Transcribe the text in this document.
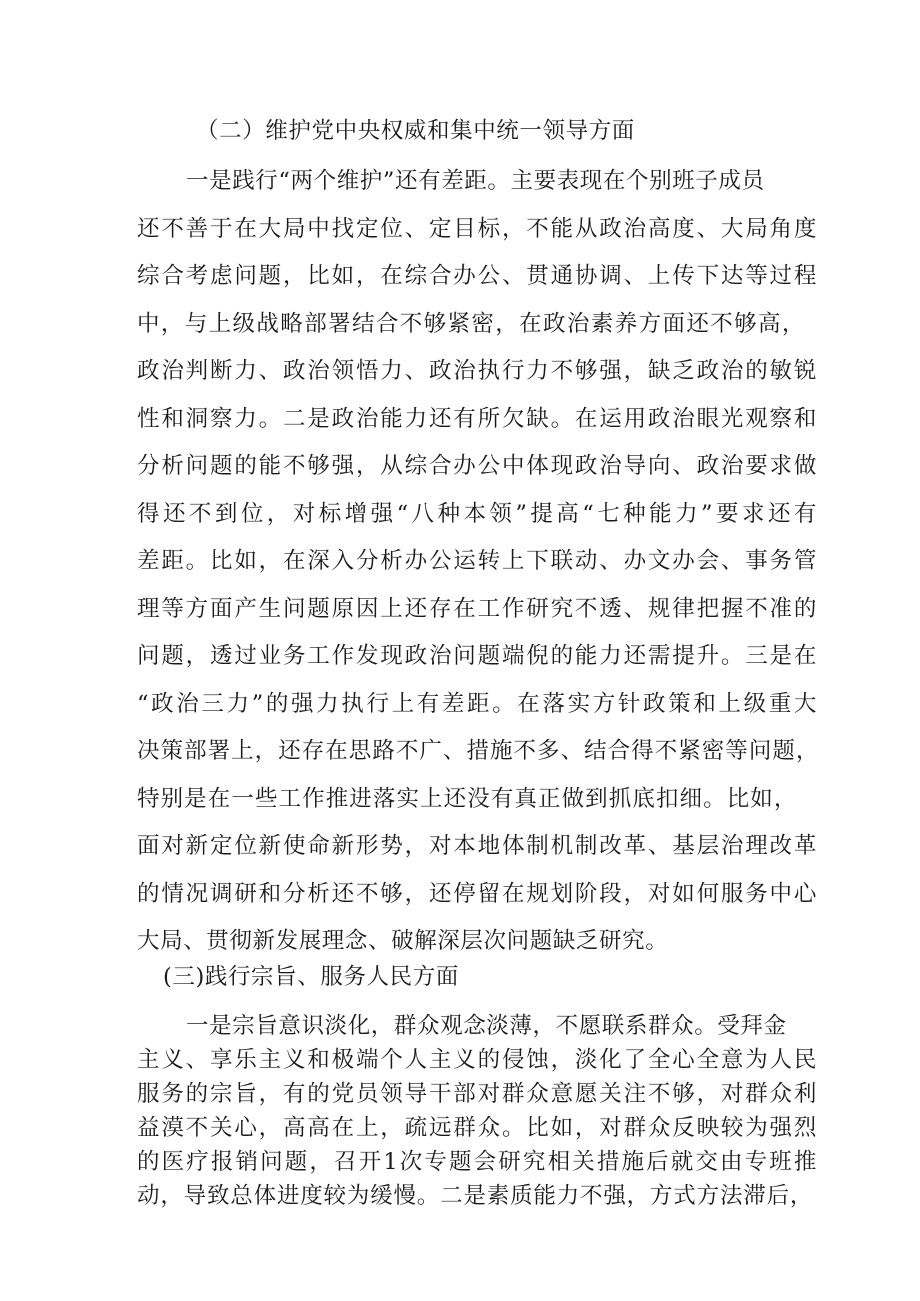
（二）维护党中央权威和集中统一领导方面
一是践行“两个维护”还有差距。主要表现在个别班子成员
还不善于在大局中找定位、定目标，不能从政治高度、大局角度
综合考虑问题，比如，在综合办公、贯通协调、上传下达等过程
中，与上级战略部署结合不够紧密，在政治素养方面还不够高，
政治判断力、政治领悟力、政治执行力不够强，缺乏政治的敏锐
性和洞察力。二是政治能力还有所欠缺。在运用政治眼光观察和
分析问题的能不够强，从综合办公中体现政治导向、政治要求做
得还不到位，对标增强“八种本领”提高“七种能力”要求还有
差距。比如，在深入分析办公运转上下联动、办文办会、事务管
理等方面产生问题原因上还存在工作研究不透、规律把握不准的
问题，透过业务工作发现政治问题端倪的能力还需提升。三是在
“政治三力”的强力执行上有差距。在落实方针政策和上级重大
决策部署上，还存在思路不广、措施不多、结合得不紧密等问题，
特别是在一些工作推进落实上还没有真正做到抓底扣细。比如，
面对新定位新使命新形势，对本地体制机制改革、基层治理改革
的情况调研和分析还不够，还停留在规划阶段，对如何服务中心
大局、贯彻新发展理念、破解深层次问题缺乏研究。
(三)践行宗旨、服务人民方面
一是宗旨意识淡化，群众观念淡薄，不愿联系群众。受拜金
主义、享乐主义和极端个人主义的侵蚀，淡化了全心全意为人民
服务的宗旨，有的党员领导干部对群众意愿关注不够，对群众利
益漠不关心，高高在上，疏远群众。比如，对群众反映较为强烈
的医疗报销问题，召开1次专题会研究相关措施后就交由专班推
动，导致总体进度较为缓慢。二是素质能力不强，方式方法滞后，
